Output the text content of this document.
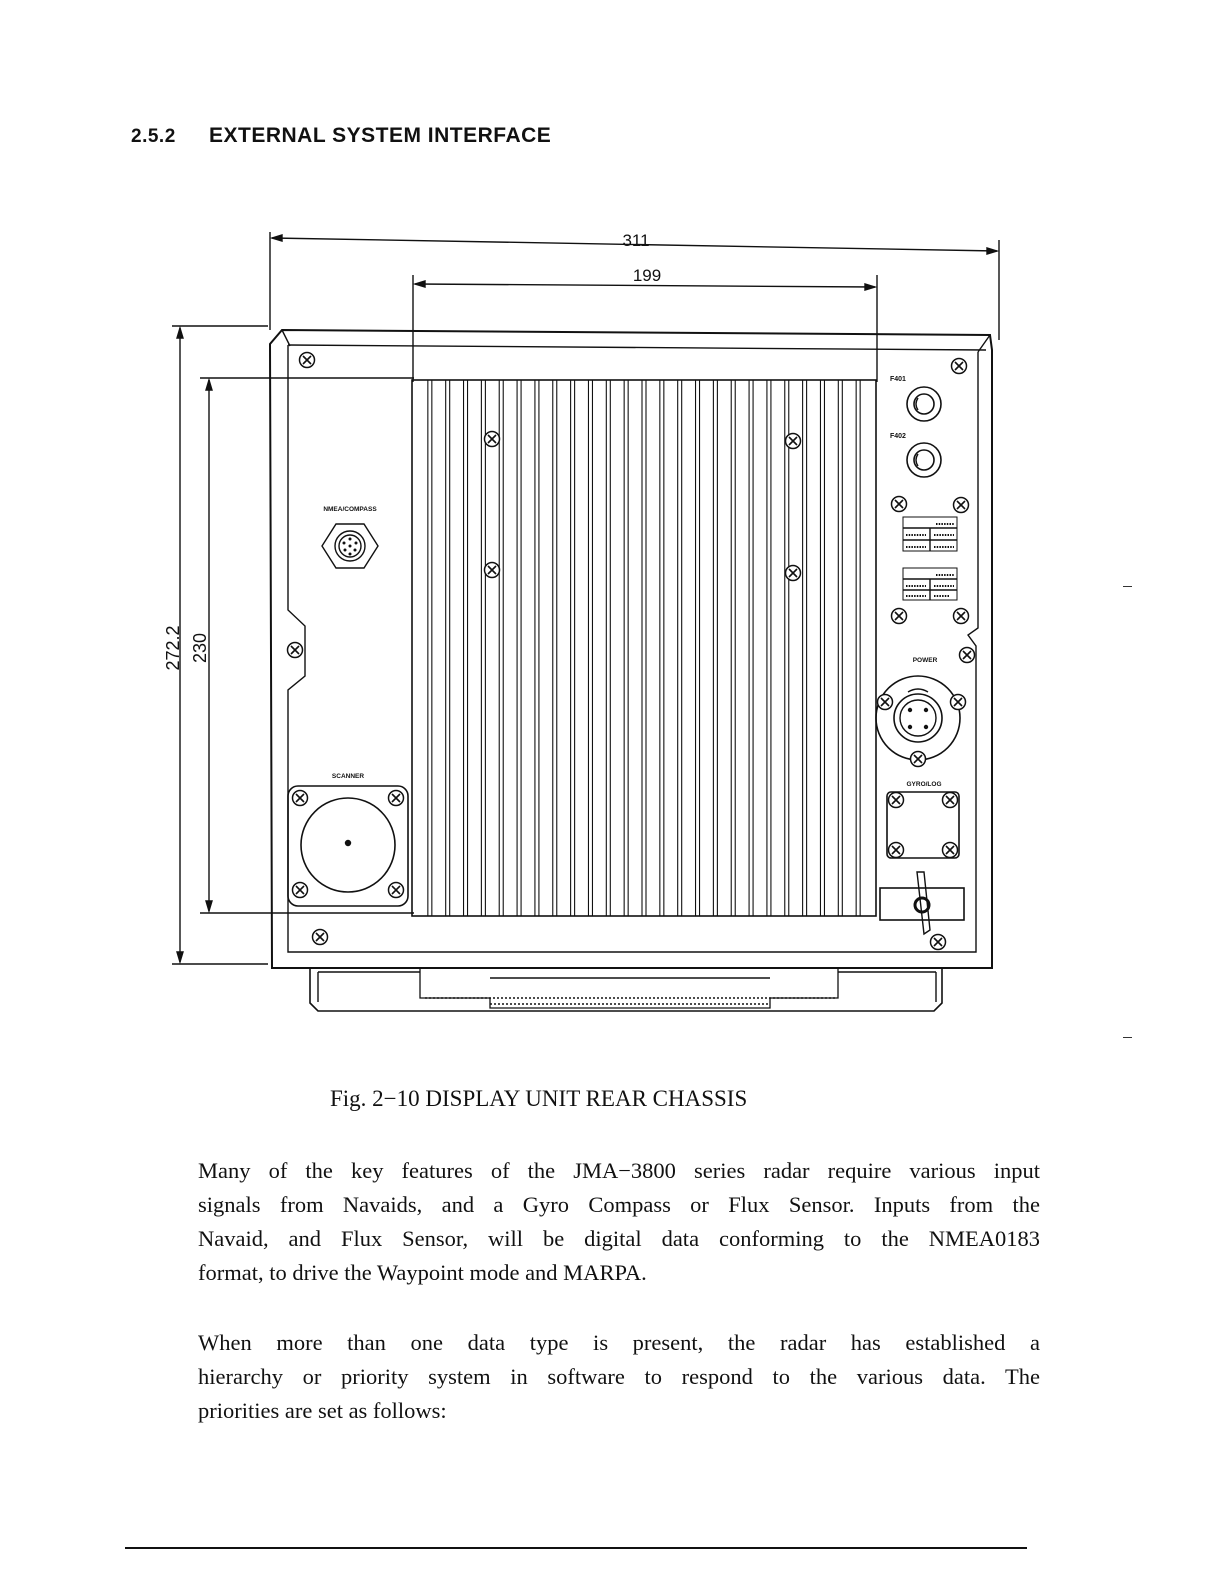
2.5.2 EXTERNAL SYSTEM INTERFACE
311
199
272.2 230
NMEA/COMPASS
SCANNER
F401
F402
POWER
GYRO/LOG

Fig. 2−10 DISPLAY UNIT REAR CHASSIS

Many of the key features of the JMA−3800 series radar require various input
signals from Navaids, and a Gyro Compass or Flux Sensor. Inputs from the
Navaid, and Flux Sensor, will be digital data conforming to the NMEA0183
format, to drive the Waypoint mode and MARPA.
When more than one data type is present, the radar has established a
hierarchy or priority system in software to respond to the various data. The
priorities are set as follows:
